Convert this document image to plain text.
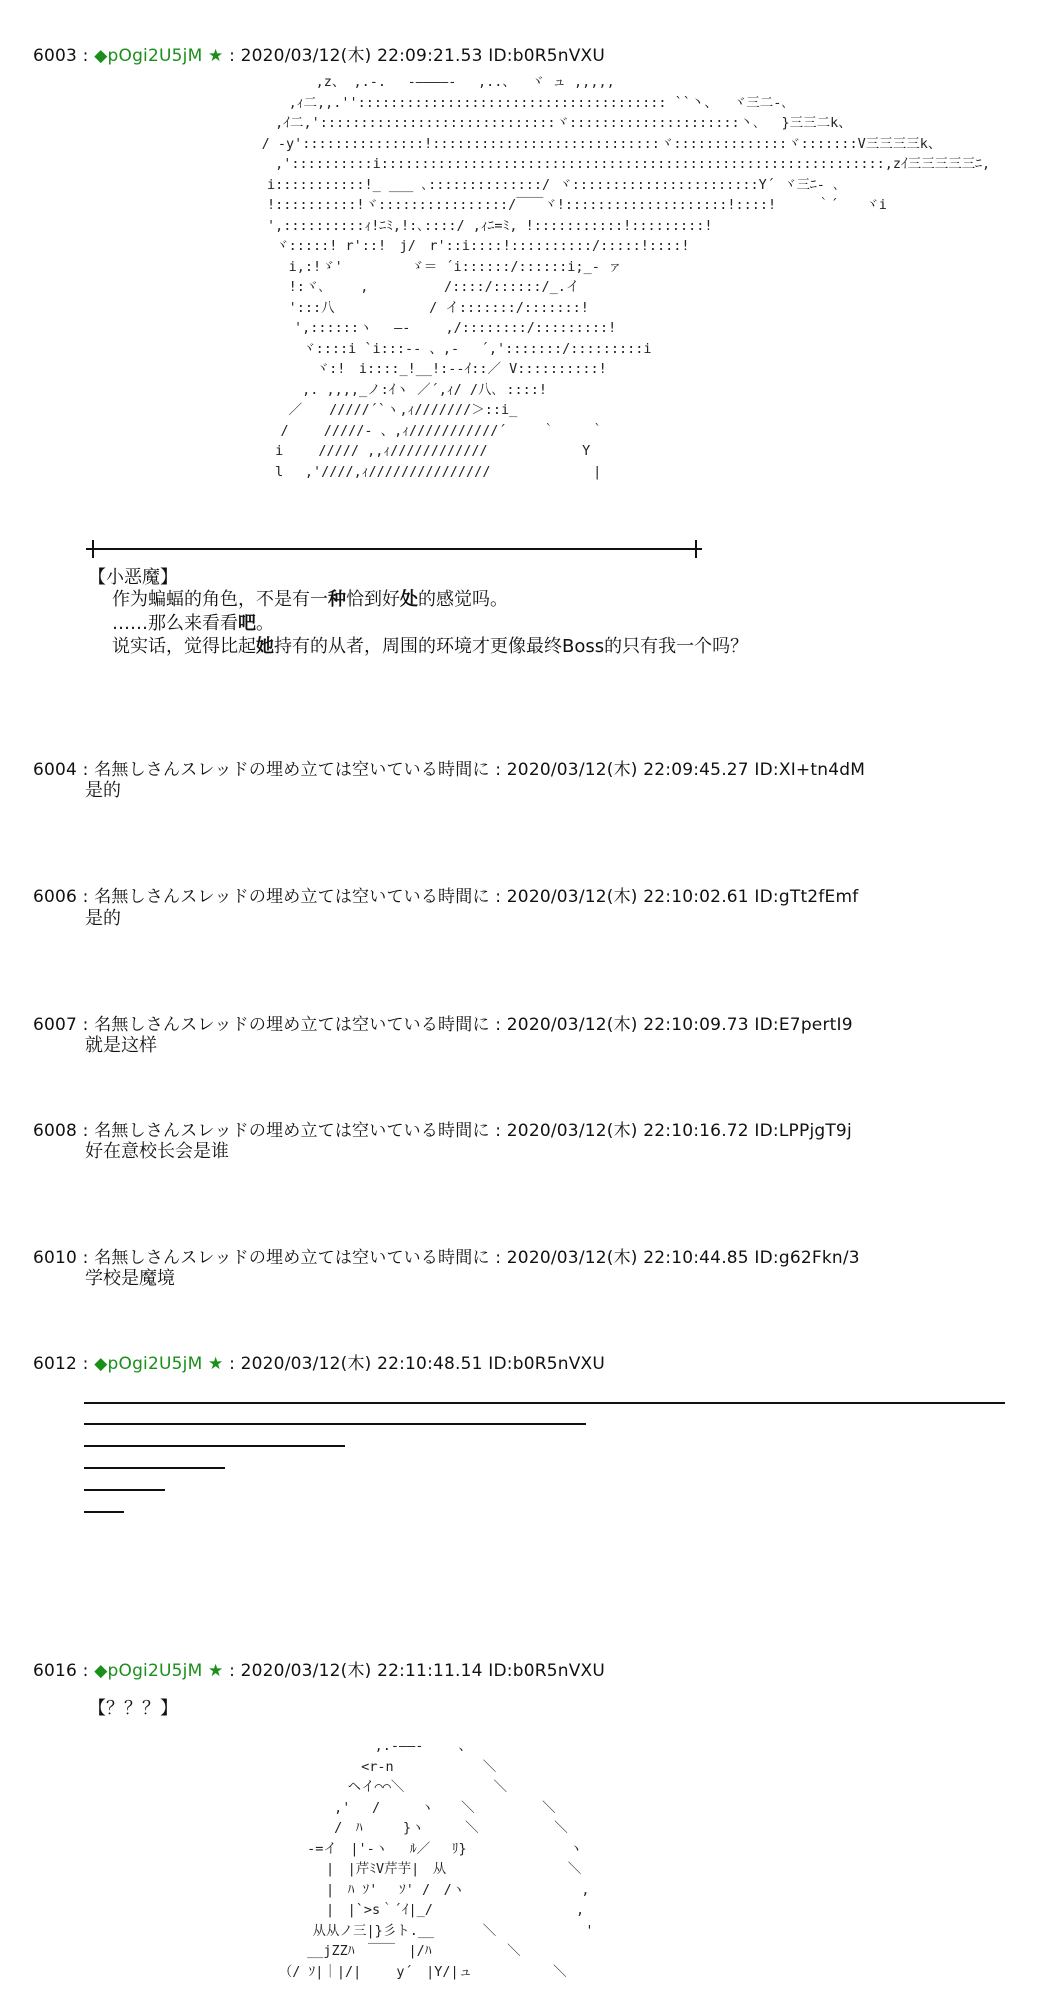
6003 : ◆pOgi2U5jM ★ : 2020/03/12(木) 22:09:21.53 ID:b0R5nVXU
　　　　　　　　　 ,z、 ,.-.　 -――――‐　 ,..、　 ヾ ュ ,,,,,
　　　　　　　 ,ｨ二,,.'':::::::::::::::::::::::::::::::::::::: ``丶、　 ヾ三二-､
　　　　　　 ,ｲ二,':::::::::::::::::::::::::::::ヾ:::::::::::::::::::::丶､　 }三三二k、
　　　　　 / -y':::::::::::::::!::::::::::::::::::::::::::::ヾ::::::::::::::ヾ:::::::V三三三三k、
　　　　　　 ,'::::::::::i::::::::::::::::::::::::::::::::::::::::::::::::::::::::::::::,zｲ三三三三三ﾆ,
　　　　　　i:::::::::::!_ ___ ､::::::::::::::/ ヾ:::::::::::::::::::::::Y´ ヾ三ﾆ- ､
　　　　　　!::::::::::!ヾ::::::::::::::::/￣￣ヾ!::::::::::::::::::::!::::!　　　｀´　　ヾi
　　　　　　',::::::::::ｨ!ﾆﾐ,!:､::::/ ,ｨﾆ=ﾐ, !:::::::::::!:::::::::!
　　　　　　 ヾ:::::! r'::!　j/　r'::i::::!::::::::::/:::::!::::!
　　　　　　　 i,:!ゞ'　　　　　ゞ＝ ´i::::::/::::::i;_- ァ
　　　　　　　 !:ヾ､　　 ,　　　　　 /::::/::::::/_.イ
　　　　　　　 ':::八　　　　　　　/ イ:::::::/:::::::!
　　　　　　　　',::::::ヽ　 ―‐　　 ,/::::::::/:::::::::!
　　　　　　　　 ヾ::::i `i:::-- 、,-　 ´,':::::::/:::::::::i
　　　　　　　　　 ヾ:!　i::::_!__!:-‐ｲ::／ V::::::::::!
　　　　　　　　 ,. ,,,,_ノ:ｲヽ ／´,ｨ/ /八､ ::::!
　　　　　　　 ／　　/////´`ヽ,ｨ///////＞::i_
　　　　　　　/　　 /////- 、,ｨ///////////´　　 ｀　　 ｀
　　　　　　 i　　 ///// ,,ｨ////////////　　　　　　　Y
　　　　　　 l　 ,'////,ｨ///////////////　　　　　　　 |
【小恶魔】
作为蝙蝠的角色，不是有一种恰到好处的感觉吗。
……那么来看看吧。
说实话，觉得比起她持有的从者，周围的环境才更像最终Boss的只有我一个吗？
6004 : 名無しさんスレッドの埋め立ては空いている時間に : 2020/03/12(木) 22:09:45.27 ID:XI+tn4dM
是的
6006 : 名無しさんスレッドの埋め立ては空いている時間に : 2020/03/12(木) 22:10:02.61 ID:gTt2fEmf
是的
6007 : 名無しさんスレッドの埋め立ては空いている時間に : 2020/03/12(木) 22:10:09.73 ID:E7pertI9
就是这样
6008 : 名無しさんスレッドの埋め立ては空いている時間に : 2020/03/12(木) 22:10:16.72 ID:LPPjgT9j
好在意校长会是谁
6010 : 名無しさんスレッドの埋め立ては空いている時間に : 2020/03/12(木) 22:10:44.85 ID:g62Fkn/3
学校是魔境
6012 : ◆pOgi2U5jM ★ : 2020/03/12(木) 22:10:48.51 ID:b0R5nVXU
6016 : ◆pOgi2U5jM ★ : 2020/03/12(木) 22:11:11.14 ID:b0R5nVXU
【？？？】
　　　　　　　　　　　 ,.-――-　　 、
　　　　　　　　　　 <r-n　　　　　　 ＼
　　　　　　　　　 ヘイ⌒⌒＼　　　　　　 ＼
　　　　　　　　 ,'　 /　　　ヽ　　＼　　　　　＼
　　　　　　　　 /　ﾊ　　　}ヽ　　　＼　　　　　 ＼
　　　　　　 -=イ　|'-ヽ　 ﾙ／　 ﾘ}　　　　　　　 ヽ
　　　　　　　　|　|芹ﾐV芹芋|　从　　　　　　　　　＼
　　　　　　　　|　ﾊ ｿ'　 ｿ' /　/ヽ　　　　　　　　 ,
　　　　　　　　|　|`>s｀´ｲ|_/　　　　　　　　　　 ,
　　　　　　　从从ノ三|}彡ト.__　　　 ＼　　　　　　 '
　　　　　　 __jZZﾊ　￣￣　|/ﾊ　　　　　 ＼
　　　　　（/ ｿ|｜|/|　　 y´　|Y/|ュ　　　　　　＼
